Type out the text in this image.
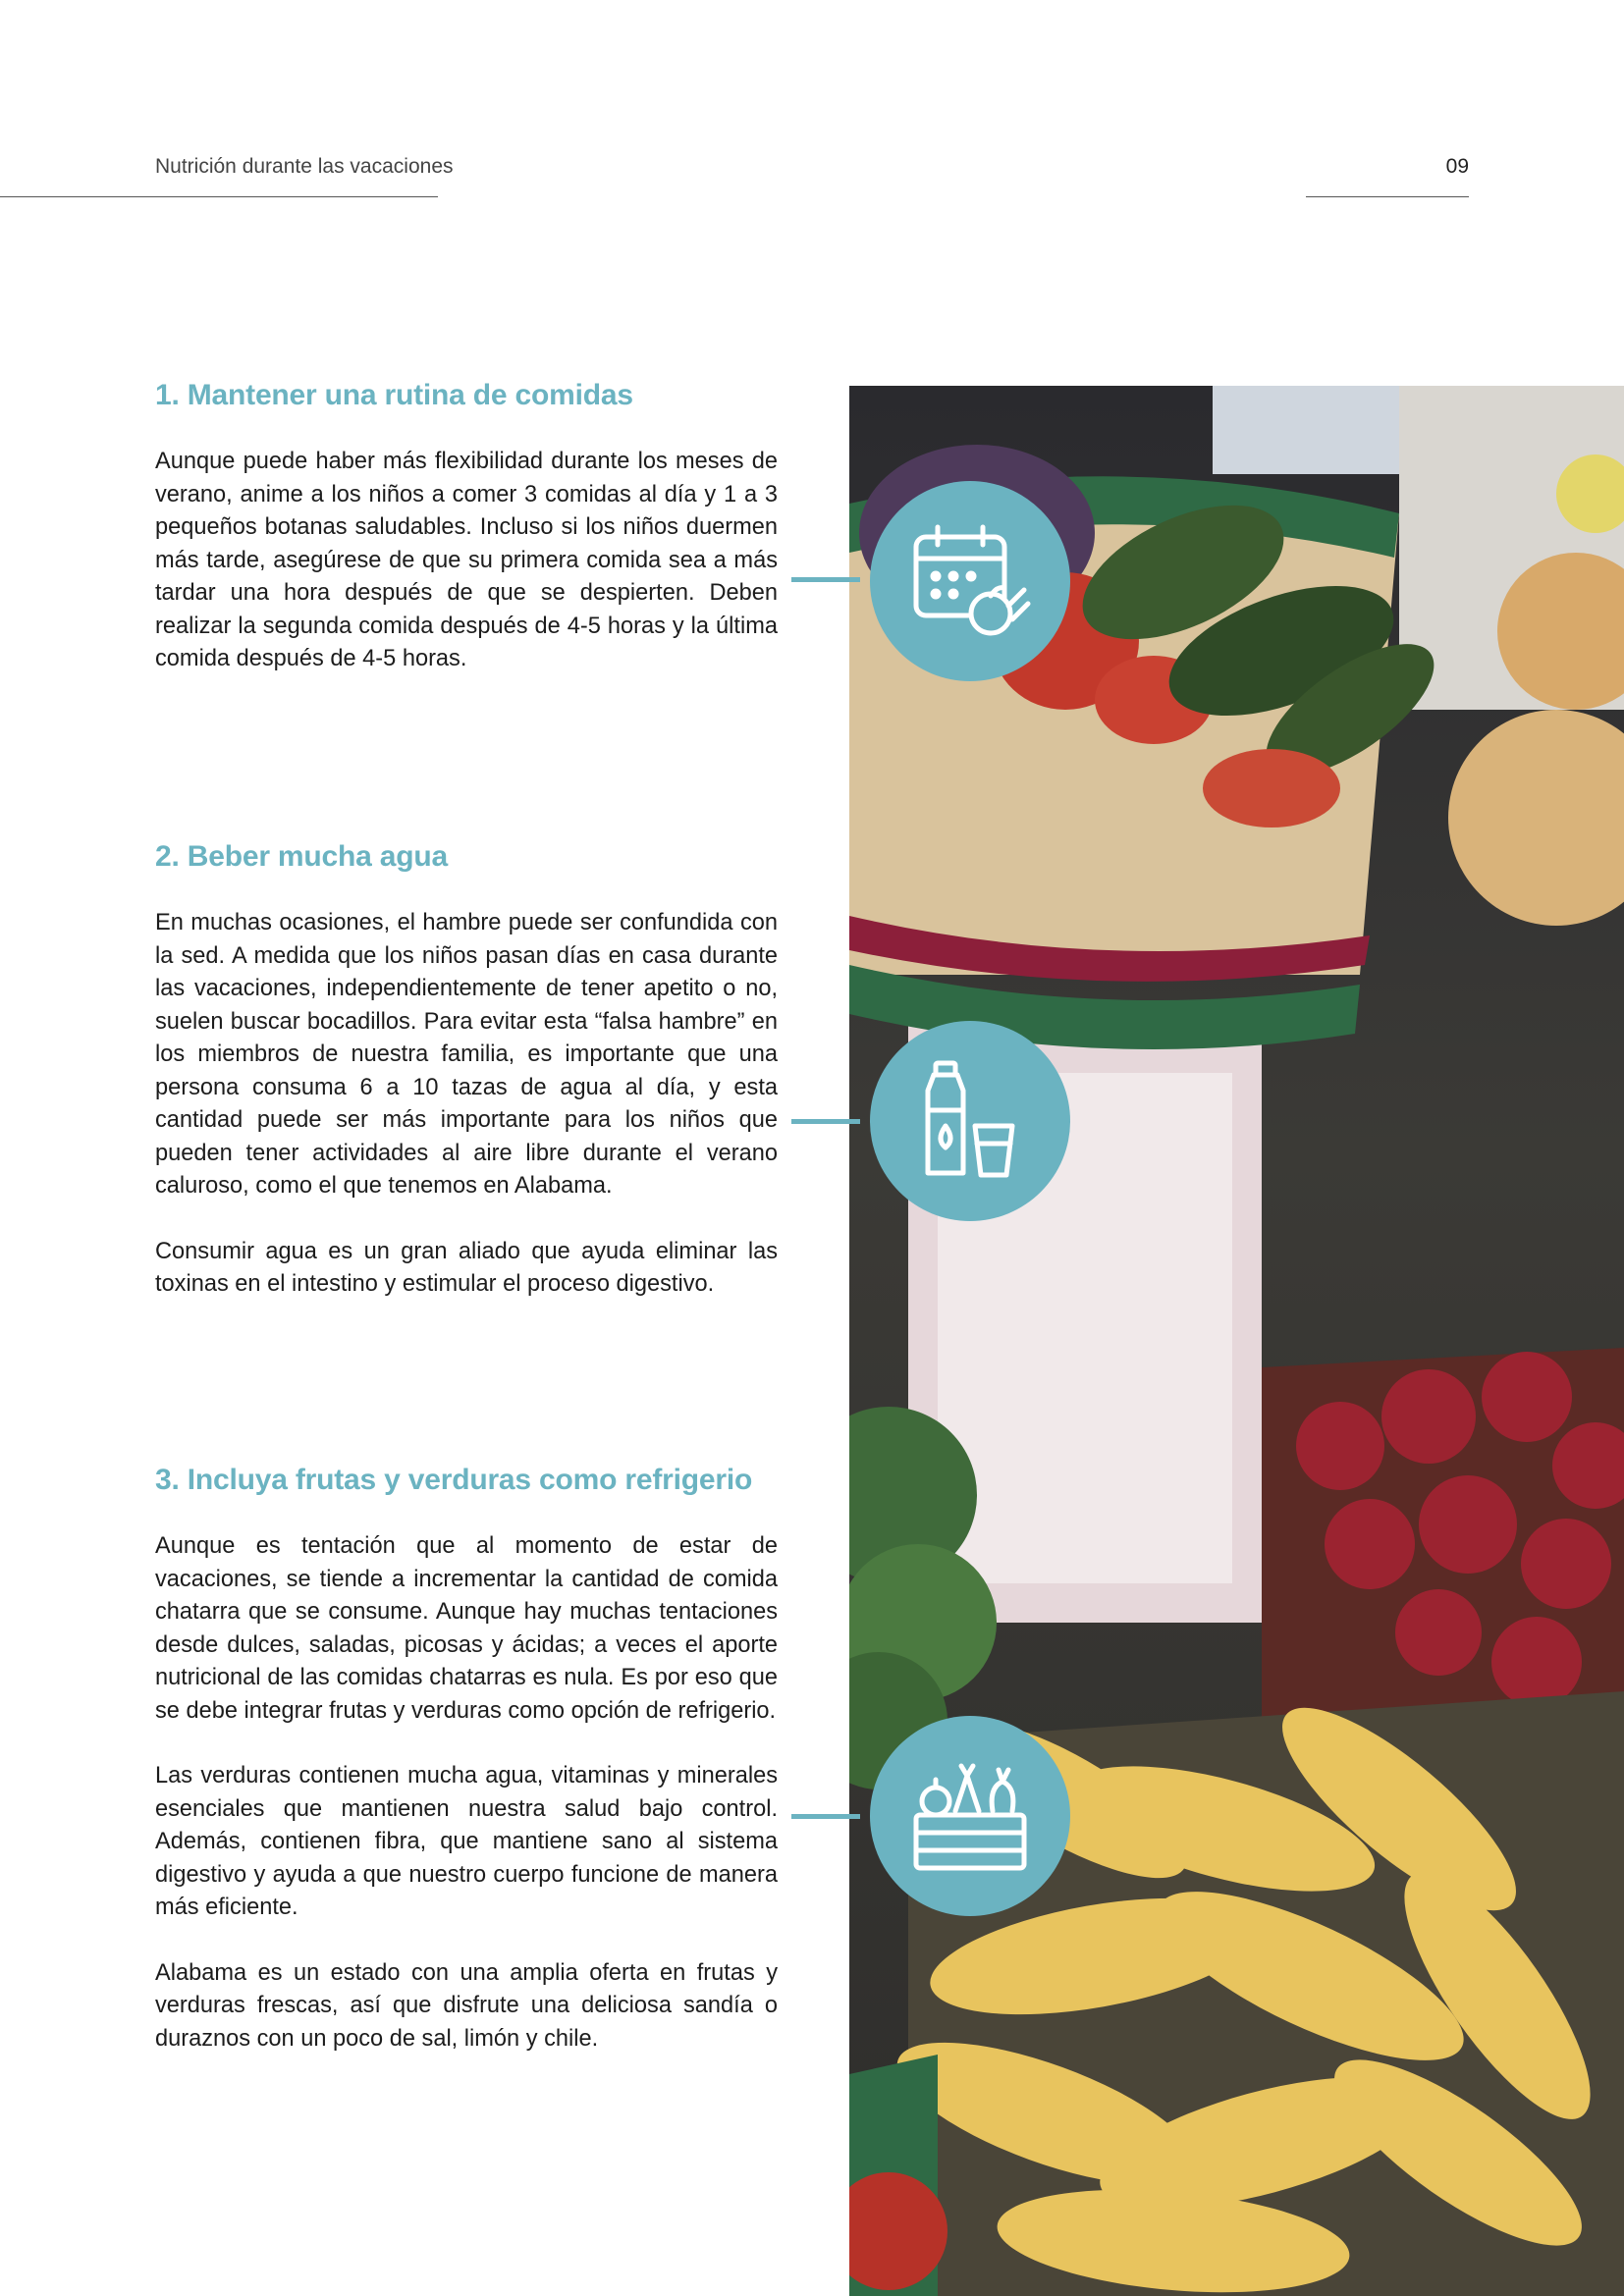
Nutrición durante las vacaciones	09
1. Mantener una rutina de comidas

Aunque puede haber más flexibilidad durante los meses de verano, anime a los niños a comer 3 comidas al día y 1 a 3 pequeños botanas saludables. Incluso si los niños duermen más tarde, asegúrese de que su primera comida sea a más tardar una hora después de que se despierten. Deben realizar la segunda comida después de 4-5 horas y la última comida después de 4-5 horas.

2. Beber mucha agua

En muchas ocasiones, el hambre puede ser confundida con la sed. A medida que los niños pasan días en casa durante las vacaciones, independientemente de tener apetito o no, suelen buscar bocadillos. Para evitar esta “falsa hambre” en los miembros de nuestra familia, es importante que una persona consuma 6 a 10 tazas de agua al día, y esta cantidad puede ser más importante para los niños que pueden tener actividades al aire libre durante el verano caluroso, como el que tenemos en Alabama.

Consumir agua es un gran aliado que ayuda eliminar las toxinas en el intestino y estimular el proceso digestivo.

3. Incluya frutas y verduras como refrigerio

Aunque es tentación que al momento de estar de vacaciones, se tiende a incrementar la cantidad de comida chatarra que se consume. Aunque hay muchas tentaciones desde dulces, saladas, picosas y ácidas; a veces el aporte nutricional de las comidas chatarras es nula. Es por eso que se debe integrar frutas y verduras como opción de refrigerio.

Las verduras contienen mucha agua, vitaminas y minerales esenciales que mantienen nuestra salud bajo control. Además, contienen fibra, que mantiene sano al sistema digestivo y ayuda a que nuestro cuerpo funcione de manera más eficiente.

Alabama es un estado con una amplia oferta en frutas y verduras frescas, así que disfrute una deliciosa sandía o duraznos con un poco de sal, limón y chile.
